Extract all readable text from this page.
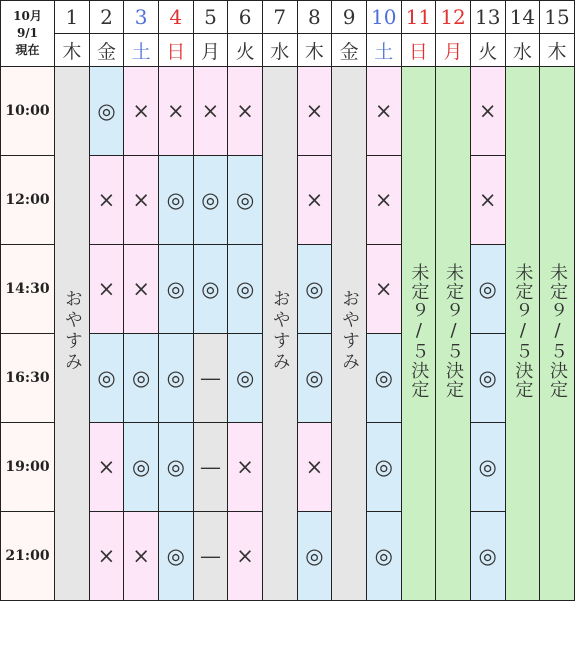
10月
9/1
現在	1	2	3	4	5	6	7	8	9	10	11	12	13	14	15
	木	金	土	日	月	火	水	木	金	土	日	月	火	水	木
10:00	おやすみ	◎	×	×	×	×	おやすみ	×	おやすみ	×	未定９/５決定	未定９/５決定	×	未定９/５決定	未定９/５決定
12:00		×	×	◎	◎	◎		×		×			×		
14:30		×	×	◎	◎	◎		◎		×			◎		
16:30		◎	◎	◎	—	◎		◎		◎			◎		
19:00		×	◎	◎	—	×		×		◎			◎		
21:00		×	×	◎	—	×		◎		◎			◎		
